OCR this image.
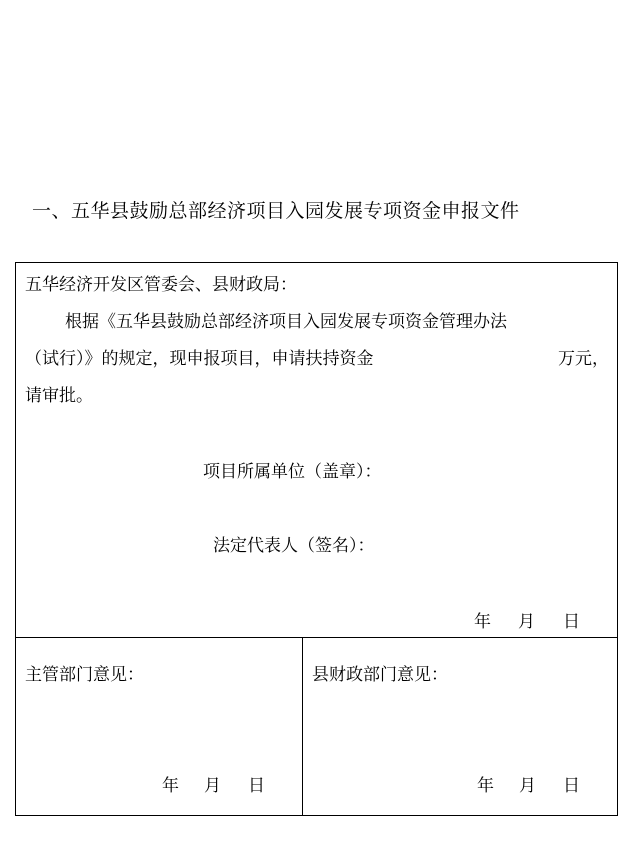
一、五华县鼓励总部经济项目入园发展专项资金申报文件
五华经济开发区管委会、县财政局：
根据《五华县鼓励总部经济项目入园发展专项资金管理办法
（试行）》的规定，现申报项目，申请扶持资金	万元，
请审批。
项目所属单位（盖章）：
法定代表人（签名）：
年 月 日
主管部门意见：	县财政部门意见：
年 月 日	年 月 日
